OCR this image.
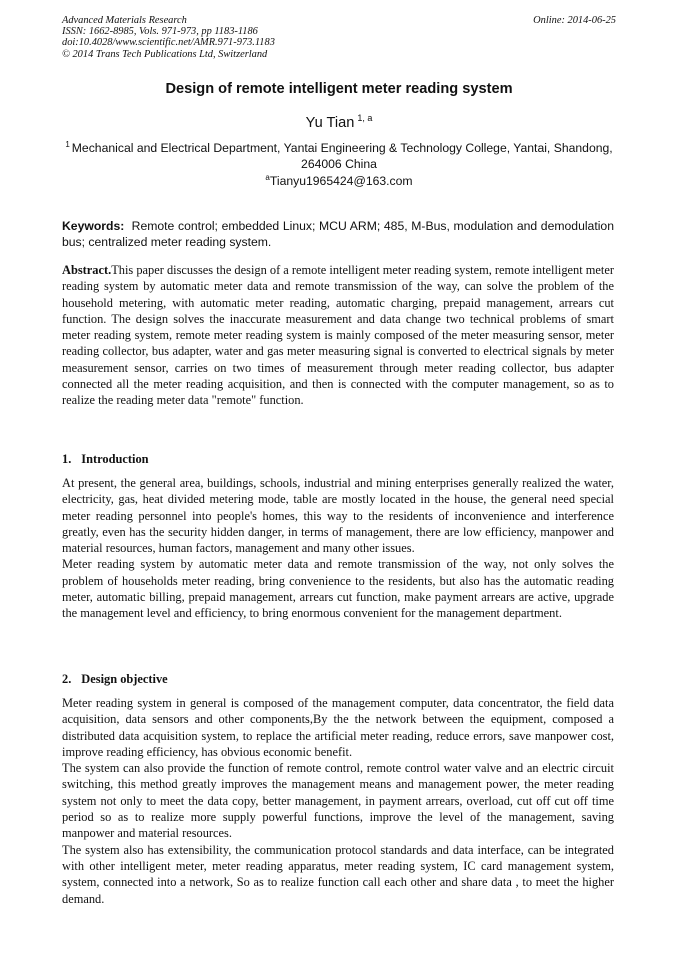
Advanced Materials Research
ISSN: 1662-8985, Vols. 971-973, pp 1183-1186
doi:10.4028/www.scientific.net/AMR.971-973.1183
© 2014 Trans Tech Publications Ltd, Switzerland
Online: 2014-06-25
Design of remote intelligent meter reading system
Yu Tian $^{1, a}$
$^1$ Mechanical and Electrical Department, Yantai Engineering & Technology College, Yantai, Shandong, 264006 China
$^a$Tianyu1965424@163.com
Keywords: Remote control; embedded Linux; MCU ARM; 485, M-Bus, modulation and demodulation bus; centralized meter reading system.
Abstract.This paper discusses the design of a remote intelligent meter reading system, remote intelligent meter reading system by automatic meter data and remote transmission of the way, can solve the problem of the household metering, with automatic meter reading, automatic charging, prepaid management, arrears cut function. The design solves the inaccurate measurement and data change two technical problems of smart meter reading system, remote meter reading system is mainly composed of the meter measuring sensor, meter reading collector, bus adapter, water and gas meter measuring signal is converted to electrical signals by meter measurement sensor, carries on two times of measurement through meter reading collector, bus adapter connected all the meter reading acquisition, and then is connected with the computer management, so as to realize the reading meter data "remote" function.

1. Introduction

At present, the general area, buildings, schools, industrial and mining enterprises generally realized the water, electricity, gas, heat divided metering mode, table are mostly located in the house, the general need special meter reading personnel into people's homes, this way to the residents of inconvenience and interference greatly, even has the security hidden danger, in terms of management, there are low efficiency, manpower and material resources, human factors, management and many other issues.

Meter reading system by automatic meter data and remote transmission of the way, not only solves the problem of households meter reading, bring convenience to the residents, but also has the automatic reading meter, automatic billing, prepaid management, arrears cut function, make payment arrears are active, upgrade the management level and efficiency, to bring enormous convenient for the management department.

2. Design objective

Meter reading system in general is composed of the management computer, data concentrator, the field data acquisition, data sensors and other components,By the the network between the equipment, composed a distributed data acquisition system, to replace the artificial meter reading, reduce errors, save manpower cost, improve reading efficiency, has obvious economic benefit.

The system can also provide the function of remote control, remote control water valve and an electric circuit switching, this method greatly improves the management means and management power, the meter reading system not only to meet the data copy, better management, in payment arrears, overload, cut off cut off time period so as to realize more supply powerful functions, improve the level of the management, saving manpower and material resources.

The system also has extensibility, the communication protocol standards and data interface, can be integrated with other intelligent meter, meter reading apparatus, meter reading system, IC card management system, system, connected into a network, So as to realize function call each other and share data , to meet the higher demand.
